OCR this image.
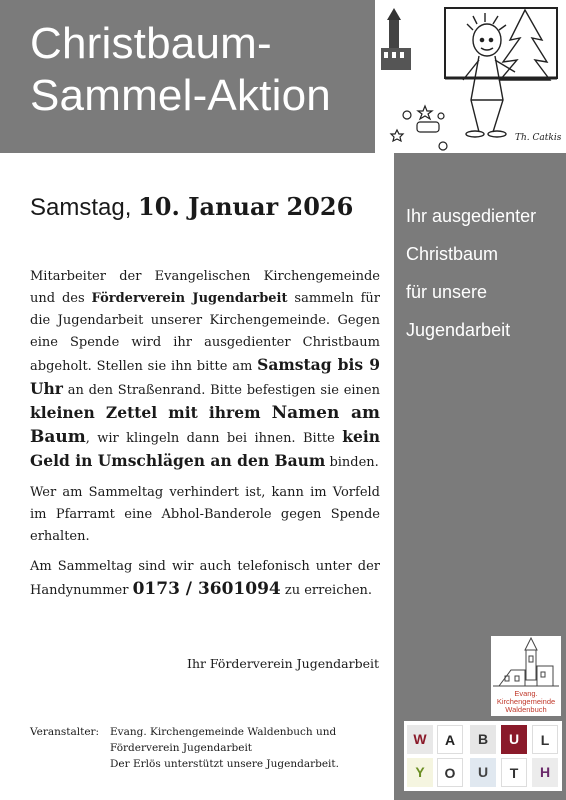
Christbaum-
Sammel-Aktion
Th. Catkis
Ihr ausgedienter
Christbaum
für unsere
Jugendarbeit
Evang.
Kirchengemeinde
Waldenbuch
W	A	B	U	L
Y	O	U	T	H
Samstag, 10. Januar 2026

Mitarbeiter der Evangelischen Kirchengemeinde und des Förderverein Jugendarbeit sammeln für die Jugendarbeit unserer Kirchengemeinde. Gegen eine Spende wird ihr ausgedienter Christbaum abgeholt. Stellen sie ihn bitte am Samstag bis 9 Uhr an den Straßenrand. Bitte befestigen sie einen kleinen Zettel mit ihrem Namen am Baum, wir klingeln dann bei ihnen. Bitte kein Geld in Umschlägen an den Baum binden.

Wer am Sammeltag verhindert ist, kann im Vorfeld im Pfarramt eine Abhol-Banderole gegen Spende erhalten.

Am Sammeltag sind wir auch telefonisch unter der Handynummer 0173 / 3601094 zu erreichen.

Ihr Förderverein Jugendarbeit
Veranstalter: Evang. Kirchengemeinde Waldenbuch und
Förderverein Jugendarbeit
Der Erlös unterstützt unsere Jugendarbeit.
